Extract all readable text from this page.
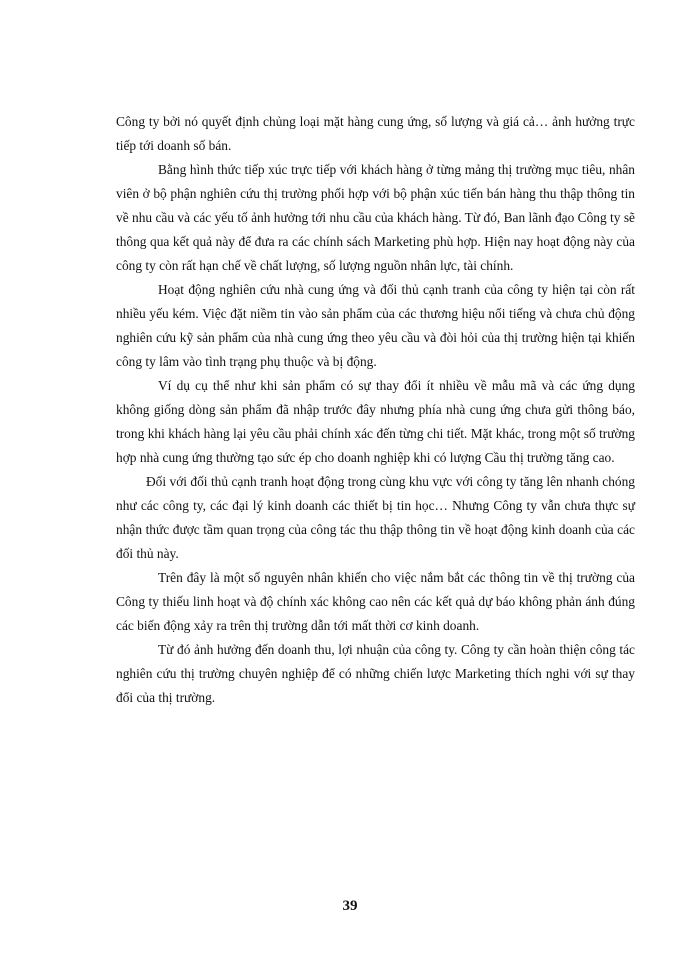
Công ty bởi nó quyết định chủng loại mặt hàng cung ứng, số lượng và giá cả… ảnh hưởng trực tiếp tới doanh số bán.

Bằng hình thức tiếp xúc trực tiếp với khách hàng ở từng mảng thị trường mục tiêu, nhân viên ở bộ phận nghiên cứu thị trường phối hợp với bộ phận xúc tiến bán hàng thu thập thông tin về nhu cầu và các yếu tố ảnh hưởng tới nhu cầu của khách hàng. Từ đó, Ban lãnh đạo Công ty sẽ thông qua kết quả này để đưa ra các chính sách Marketing phù hợp. Hiện nay hoạt động này của công ty còn rất hạn chế về chất lượng, số lượng nguồn nhân lực, tài chính.

Hoạt động nghiên cứu nhà cung ứng và đối thủ cạnh tranh của công ty hiện tại còn rất nhiều yếu kém. Việc đặt niềm tin vào sản phẩm của các thương hiệu nổi tiếng và chưa chủ động nghiên cứu kỹ sản phẩm của nhà cung ứng theo yêu cầu và đòi hỏi của thị trường hiện tại khiến công ty lâm vào tình trạng phụ thuộc và bị động.

Ví dụ cụ thể như khi sản phẩm có sự thay đổi ít nhiều về mẫu mã và các ứng dụng không giống dòng sản phẩm đã nhập trước đây nhưng phía nhà cung ứng chưa gửi thông báo, trong khi khách hàng lại yêu cầu phải chính xác đến từng chi tiết. Mặt khác, trong một số trường hợp nhà cung ứng thường tạo sức ép cho doanh nghiệp khi có lượng Cầu thị trường tăng cao.

Đối với đối thủ cạnh tranh hoạt động trong cùng khu vực với công ty tăng lên nhanh chóng như các công ty, các đại lý kinh doanh các thiết bị tin học… Nhưng Công ty vẫn chưa thực sự nhận thức được tầm quan trọng của công tác thu thập thông tin về hoạt động kinh doanh của các đối thủ này.

Trên đây là một số nguyên nhân khiến cho việc nắm bắt các thông tin về thị trường của Công ty thiếu linh hoạt và độ chính xác không cao nên các kết quả dự báo không phản ánh đúng các biến động xảy ra trên thị trường dẫn tới mất thời cơ kinh doanh.

Từ đó ảnh hưởng đến doanh thu, lợi nhuận của công ty. Công ty cần hoàn thiện công tác nghiên cứu thị trường chuyên nghiệp để có những chiến lược Marketing thích nghi với sự thay đổi của thị trường.

39
